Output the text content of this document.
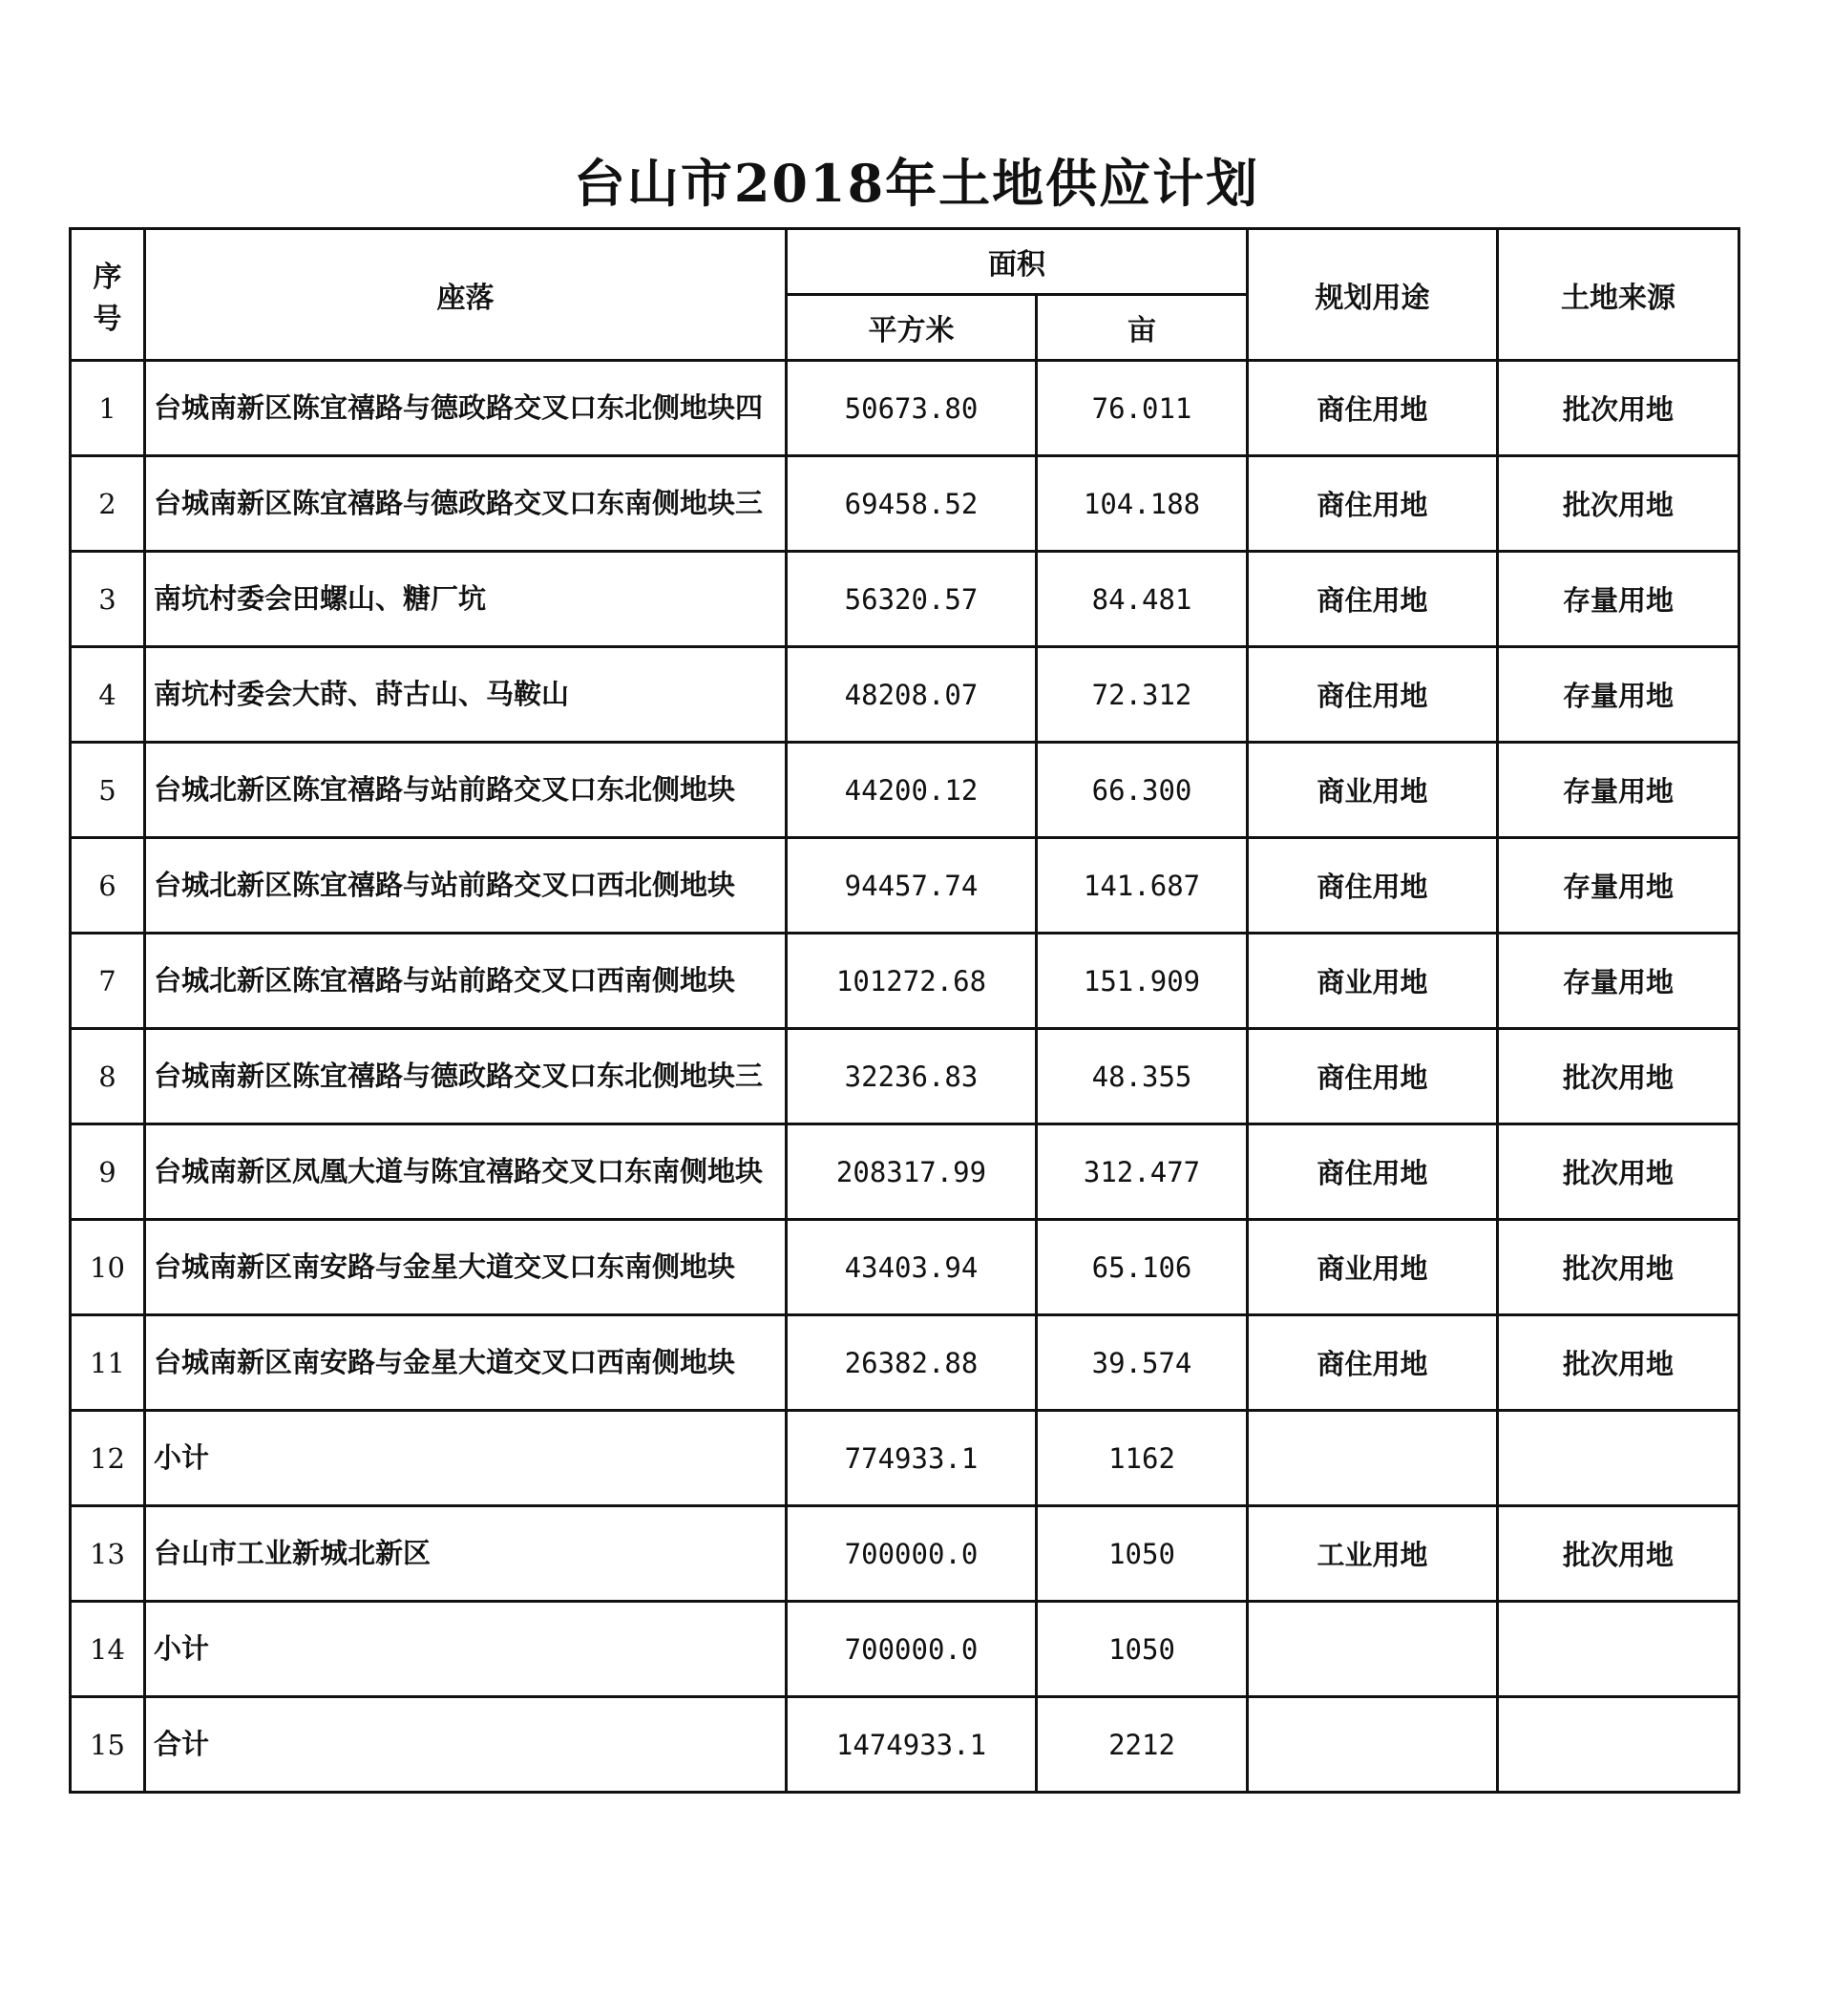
台山市2018年土地供应计划
序号	座落	面积		规划用途	土地来源
		平方米	亩		
1	台城南新区陈宜禧路与德政路交叉口东北侧地块四	50673.80	76.011	商住用地	批次用地
2	台城南新区陈宜禧路与德政路交叉口东南侧地块三	69458.52	104.188	商住用地	批次用地
3	南坑村委会田螺山、糖厂坑	56320.57	84.481	商住用地	存量用地
4	南坑村委会大莳、莳古山、马鞍山	48208.07	72.312	商住用地	存量用地
5	台城北新区陈宜禧路与站前路交叉口东北侧地块	44200.12	66.300	商业用地	存量用地
6	台城北新区陈宜禧路与站前路交叉口西北侧地块	94457.74	141.687	商住用地	存量用地
7	台城北新区陈宜禧路与站前路交叉口西南侧地块	101272.68	151.909	商业用地	存量用地
8	台城南新区陈宜禧路与德政路交叉口东北侧地块三	32236.83	48.355	商住用地	批次用地
9	台城南新区凤凰大道与陈宜禧路交叉口东南侧地块	208317.99	312.477	商住用地	批次用地
10	台城南新区南安路与金星大道交叉口东南侧地块	43403.94	65.106	商业用地	批次用地
11	台城南新区南安路与金星大道交叉口西南侧地块	26382.88	39.574	商住用地	批次用地
12	小计	774933.1	1162		
13	台山市工业新城北新区	700000.0	1050	工业用地	批次用地
14	小计	700000.0	1050		
15	合计	1474933.1	2212		
